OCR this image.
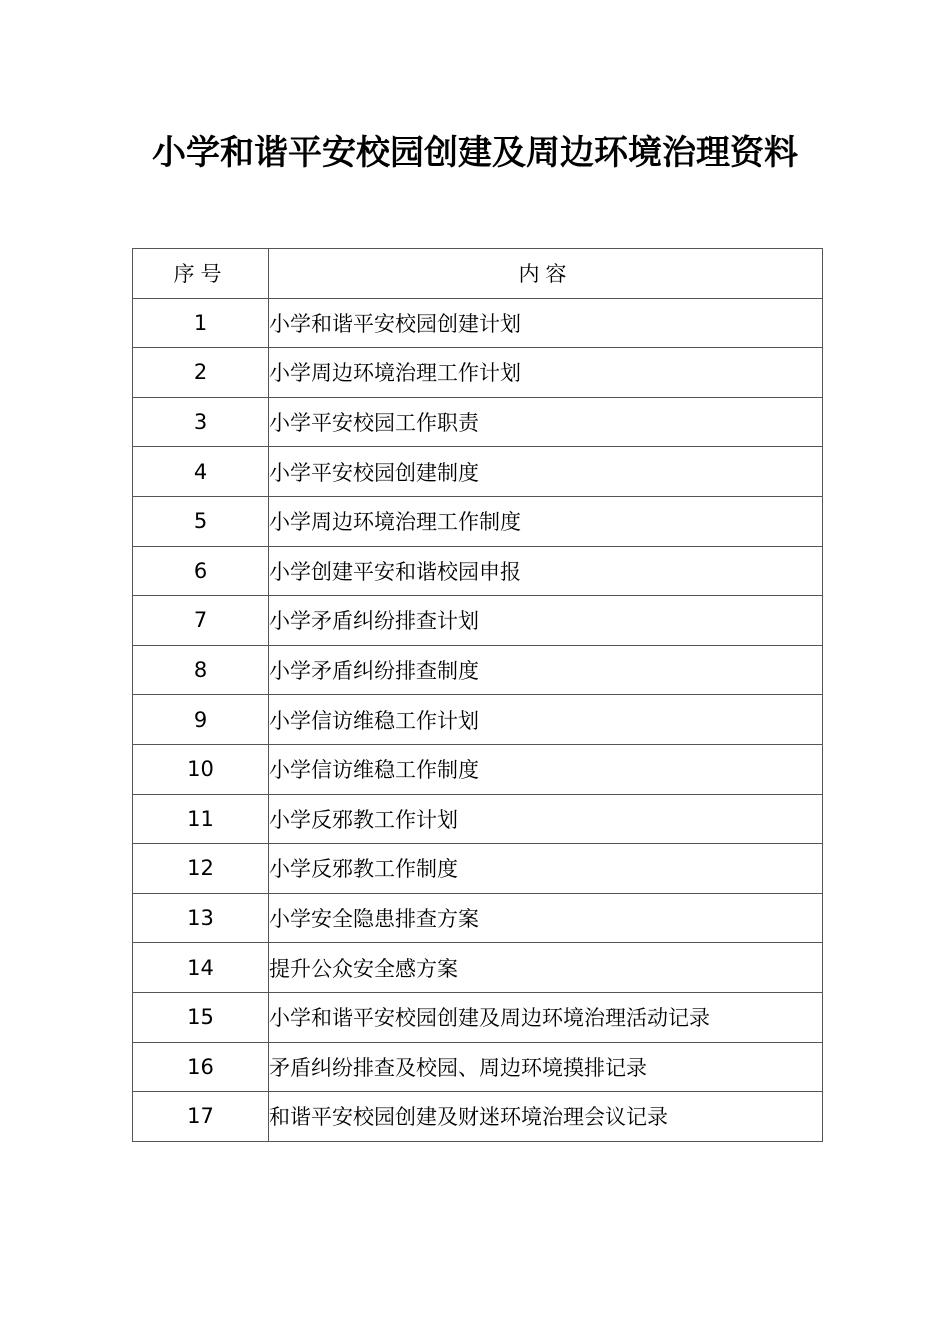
小学和谐平安校园创建及周边环境治理资料
序号	内容
1	小学和谐平安校园创建计划
2	小学周边环境治理工作计划
3	小学平安校园工作职责
4	小学平安校园创建制度
5	小学周边环境治理工作制度
6	小学创建平安和谐校园申报
7	小学矛盾纠纷排查计划
8	小学矛盾纠纷排查制度
9	小学信访维稳工作计划
10	小学信访维稳工作制度
11	小学反邪教工作计划
12	小学反邪教工作制度
13	小学安全隐患排查方案
14	提升公众安全感方案
15	小学和谐平安校园创建及周边环境治理活动记录
16	矛盾纠纷排查及校园、周边环境摸排记录
17	和谐平安校园创建及财迷环境治理会议记录
